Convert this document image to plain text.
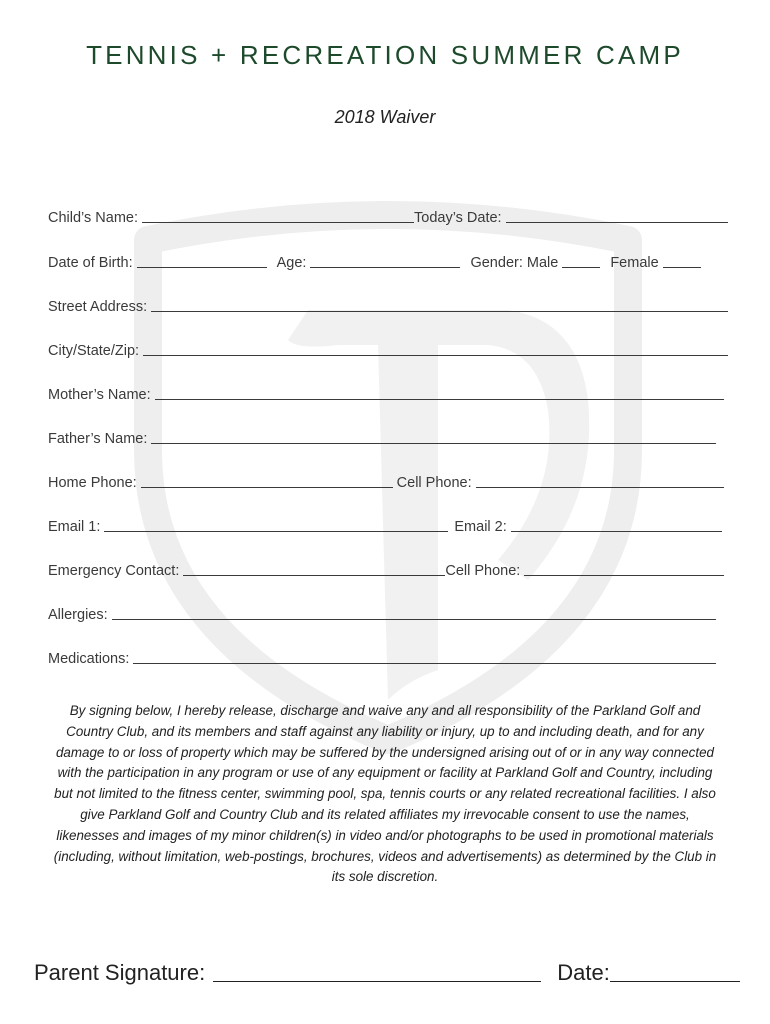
TENNIS + RECREATION SUMMER CAMP
2018 Waiver
Child’s Name:	Today’s Date:
Date of Birth:	Age:	Gender: Male	Female
Street Address:
City/State/Zip:
Mother’s Name:
Father’s Name:
Home Phone:	Cell Phone:
Email 1:	Email 2:
Emergency Contact:	Cell Phone:
Allergies:
Medications:
By signing below, I hereby release, discharge and waive any and all responsibility of the Parkland Golf and Country Club, and its members and staff against any liability or injury, up to and including death, and for any damage to or loss of property which may be suffered by the undersigned arising out of or in any way connected with the participation in any program or use of any equipment or facility at Parkland Golf and Country, including but not limited to the fitness center, swimming pool, spa, tennis courts or any related recreational facilities. I also give Parkland Golf and Country Club and its related affiliates my irrevocable consent to use the names, likenesses and images of my minor children(s) in video and/or photographs to be used in promotional materials (including, without limitation, web-postings, brochures, videos and advertisements) as determined by the Club in its sole discretion.
Parent Signature:	Date:
